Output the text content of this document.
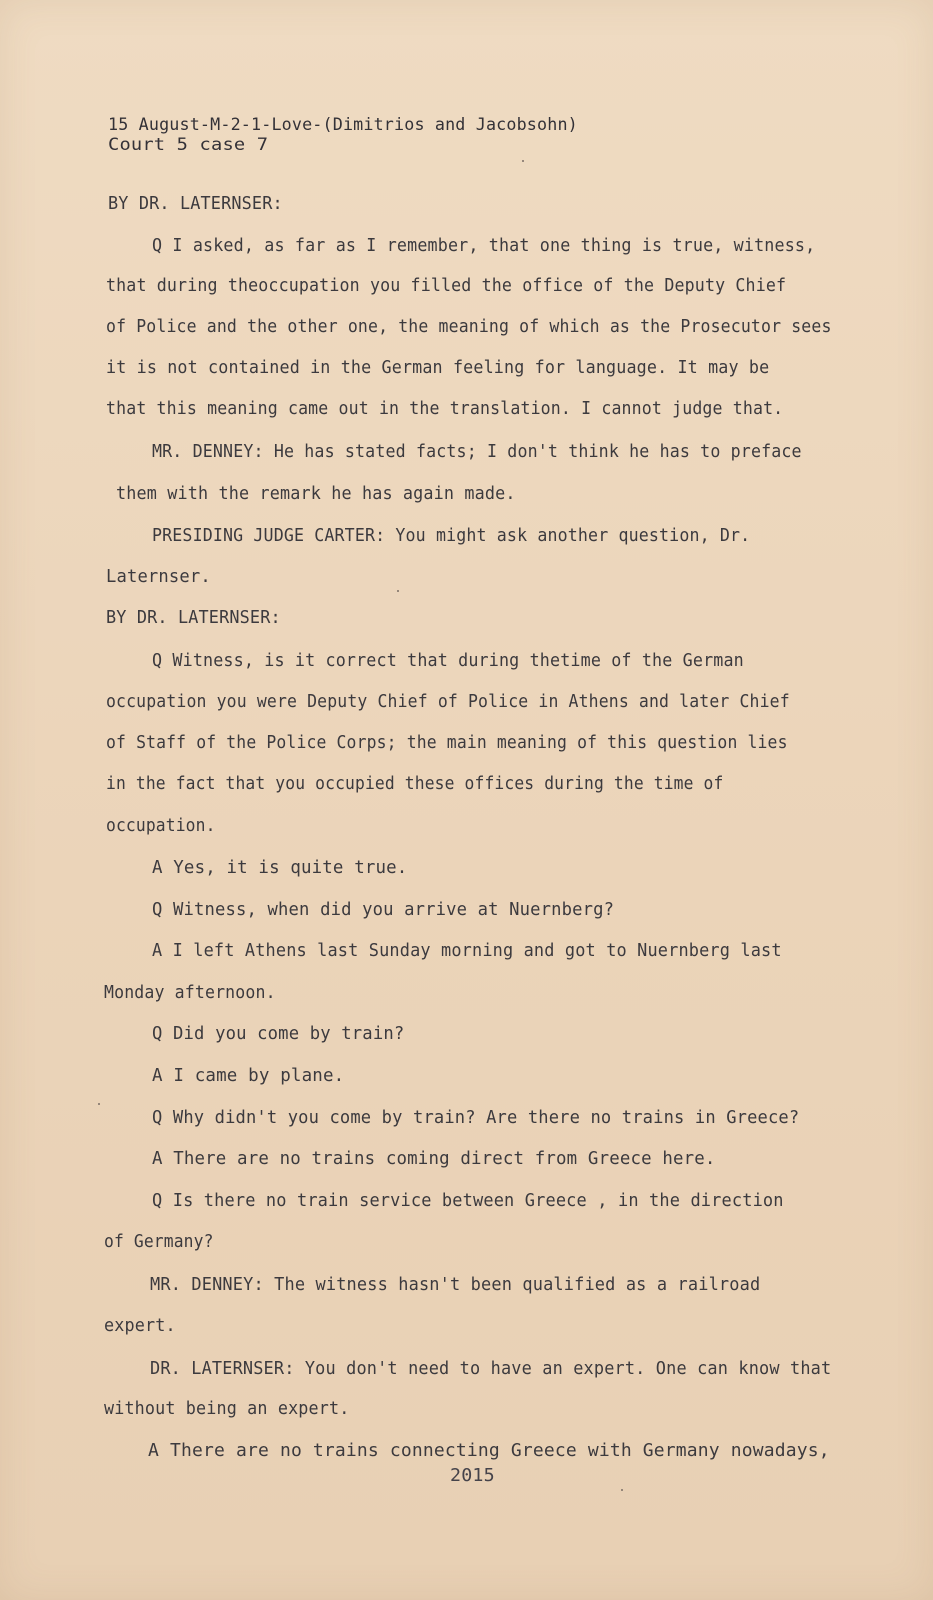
15 August-M-2-1-Love-(Dimitrios and Jacobsohn)
Court 5 case 7
BY DR. LATERNSER:
Q I asked, as far as I remember, that one thing is true, witness,
that during theoccupation you filled the office of the Deputy Chief
of Police and the other one, the meaning of which as the Prosecutor sees
it is not contained in the German feeling for language. It may be
that this meaning came out in the translation. I cannot judge that.
MR. DENNEY: He has stated facts; I don't think he has to preface
them with the remark he has again made.
PRESIDING JUDGE CARTER: You might ask another question, Dr.
Laternser.
BY DR. LATERNSER:
Q Witness, is it correct that during thetime of the German
occupation you were Deputy Chief of Police in Athens and later Chief
of Staff of the Police Corps; the main meaning of this question lies
in the fact that you occupied these offices during the time of
occupation.
A Yes, it is quite true.
Q Witness, when did you arrive at Nuernberg?
A I left Athens last Sunday morning and got to Nuernberg last
Monday afternoon.
Q Did you come by train?
A I came by plane.
Q Why didn't you come by train? Are there no trains in Greece?
A There are no trains coming direct from Greece here.
Q Is there no train service between Greece , in the direction
of Germany?
MR. DENNEY: The witness hasn't been qualified as a railroad
expert.
DR. LATERNSER: You don't need to have an expert. One can know that
without being an expert.
A There are no trains connecting Greece with Germany nowadays,
2015
